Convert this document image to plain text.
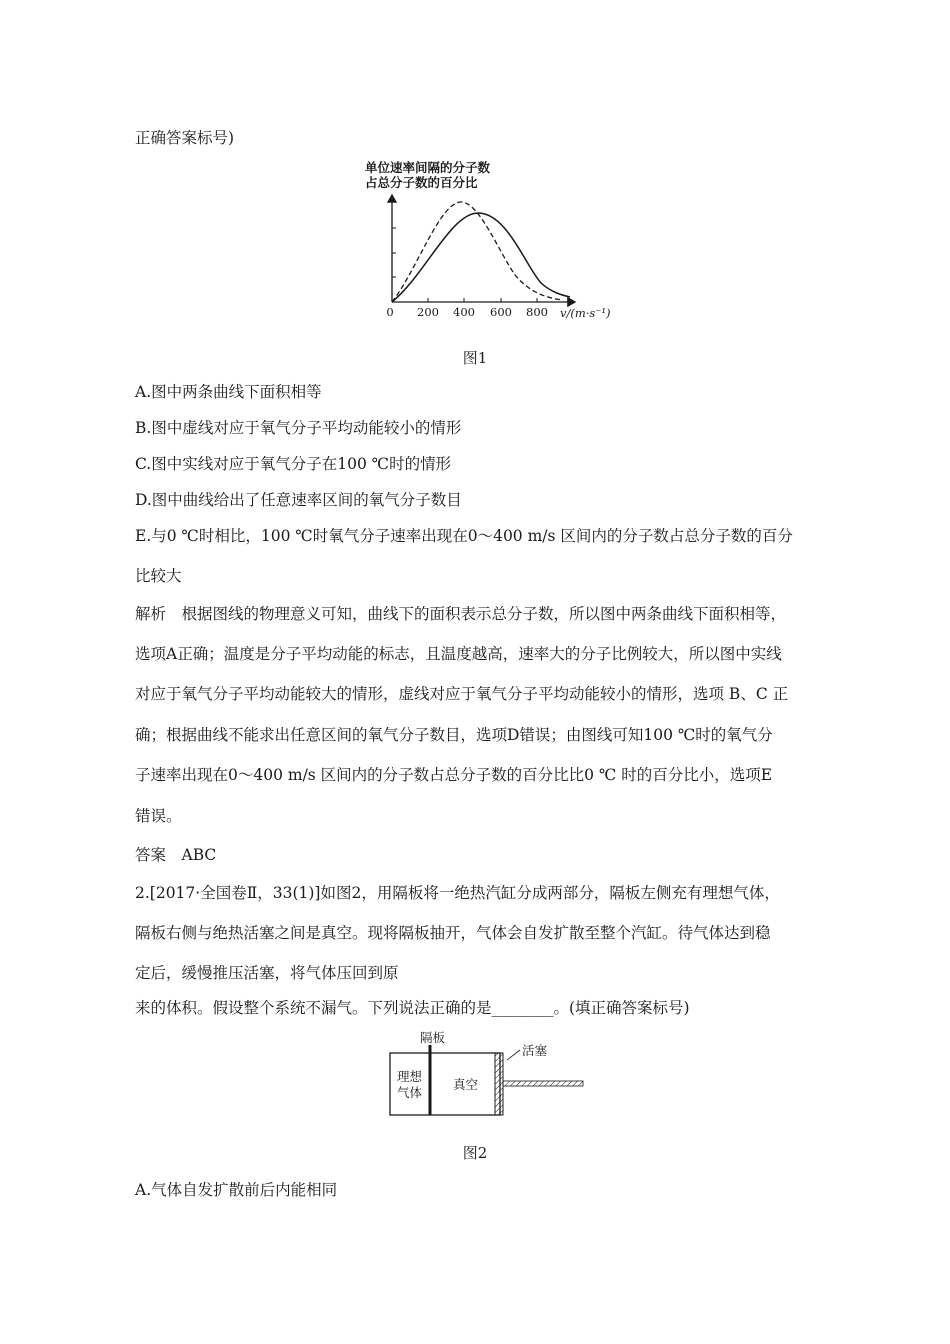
正确答案标号)
单位速率间隔的分子数
占总分子数的百分比
0 200 400 600 800 v/(m·s⁻¹)
图1
A.图中两条曲线下面积相等
B.图中虚线对应于氧气分子平均动能较小的情形
C.图中实线对应于氧气分子在100 ℃时的情形
D.图中曲线给出了任意速率区间的氧气分子数目
E.与0 ℃时相比，100 ℃时氧气分子速率出现在0～400 m/s 区间内的分子数占总分子数的百分
比较大
解析　根据图线的物理意义可知，曲线下的面积表示总分子数，所以图中两条曲线下面积相等，
选项A正确；温度是分子平均动能的标志，且温度越高，速率大的分子比例较大，所以图中实线
对应于氧气分子平均动能较大的情形，虚线对应于氧气分子平均动能较小的情形，选项 B、C 正
确；根据曲线不能求出任意区间的氧气分子数目，选项D错误；由图线可知100 ℃时的氧气分
子速率出现在0～400 m/s 区间内的分子数占总分子数的百分比比0 ℃ 时的百分比小，选项E
错误。
答案　ABC
2.[2017·全国卷Ⅱ，33(1)]如图2，用隔板将一绝热汽缸分成两部分，隔板左侧充有理想气体，
隔板右侧与绝热活塞之间是真空。现将隔板抽开，气体会自发扩散至整个汽缸。待气体达到稳
定后，缓慢推压活塞，将气体压回到原
来的体积。假设整个系统不漏气。下列说法正确的是________。(填正确答案标号)
隔板
活塞
理想
气体
真空
图2
A.气体自发扩散前后内能相同
